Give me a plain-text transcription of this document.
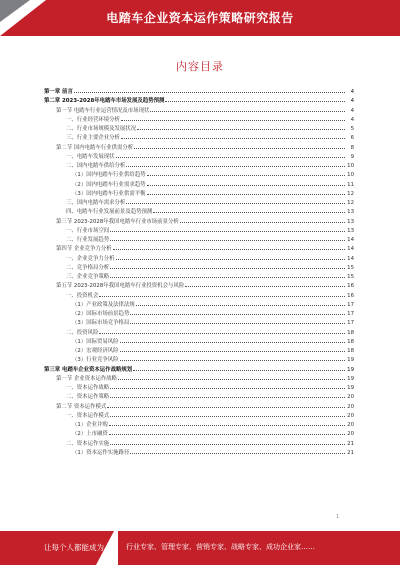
电踏车企业资本运作策略研究报告
内容目录
第一章 前言	4
第二章 2023-2028年电踏车市场发展及趋势预测	4
第一节 电踏车行业运营情况及市场现状	4
一、行业经营环境分析	4
二、行业市场规模及发展状况	5
三、行业主要企业分析	6
第二节 国内电踏车行业供需分析	8
一、电踏车发展现状	9
二、国内电踏车供给分析	10
（1）国内电踏车行业供给趋势	10
（2）国内电踏车行业需求趋势	11
（3）国内电踏车行业供需平衡	12
三、国内电踏车需求分析	12
四、电踏车行业发展前景及趋势预测	13
第三节 2023-2028年我国电踏车行业市场前景分析	13
一、行业市场空间	13
二、行业发展趋势	14
第四节 企业竞争力分析	14
一、企业竞争力分析	14
二、竞争格局分析	15
三、企业竞争策略	15
第五节 2023-2028年我国电踏车行业投资机会与风险	16
一、投资机会	16
（1）产业政策及法律法规	17
（2）国际市场前景趋势	17
（3）国际市场竞争格局	17
二、投资风险	18
（1）国际贸易风险	18
（2）宏观经济风险	18
（3）行业竞争风险	19
第三章 电踏车企业资本运作战略规划	19
第一节 企业资本运作战略	19
一、资本运作战略	19
二、资本运作策略	20
第二节 资本运作模式	20
一、资本运作模式	20
（1）企业并购	20
（2）上市融资	20
二、资本运作实施	21
（1）资本运作实施路径	21
1
让每个人都能成为	行业专家、管理专家、营销专家、战略专家、成功企业家……
